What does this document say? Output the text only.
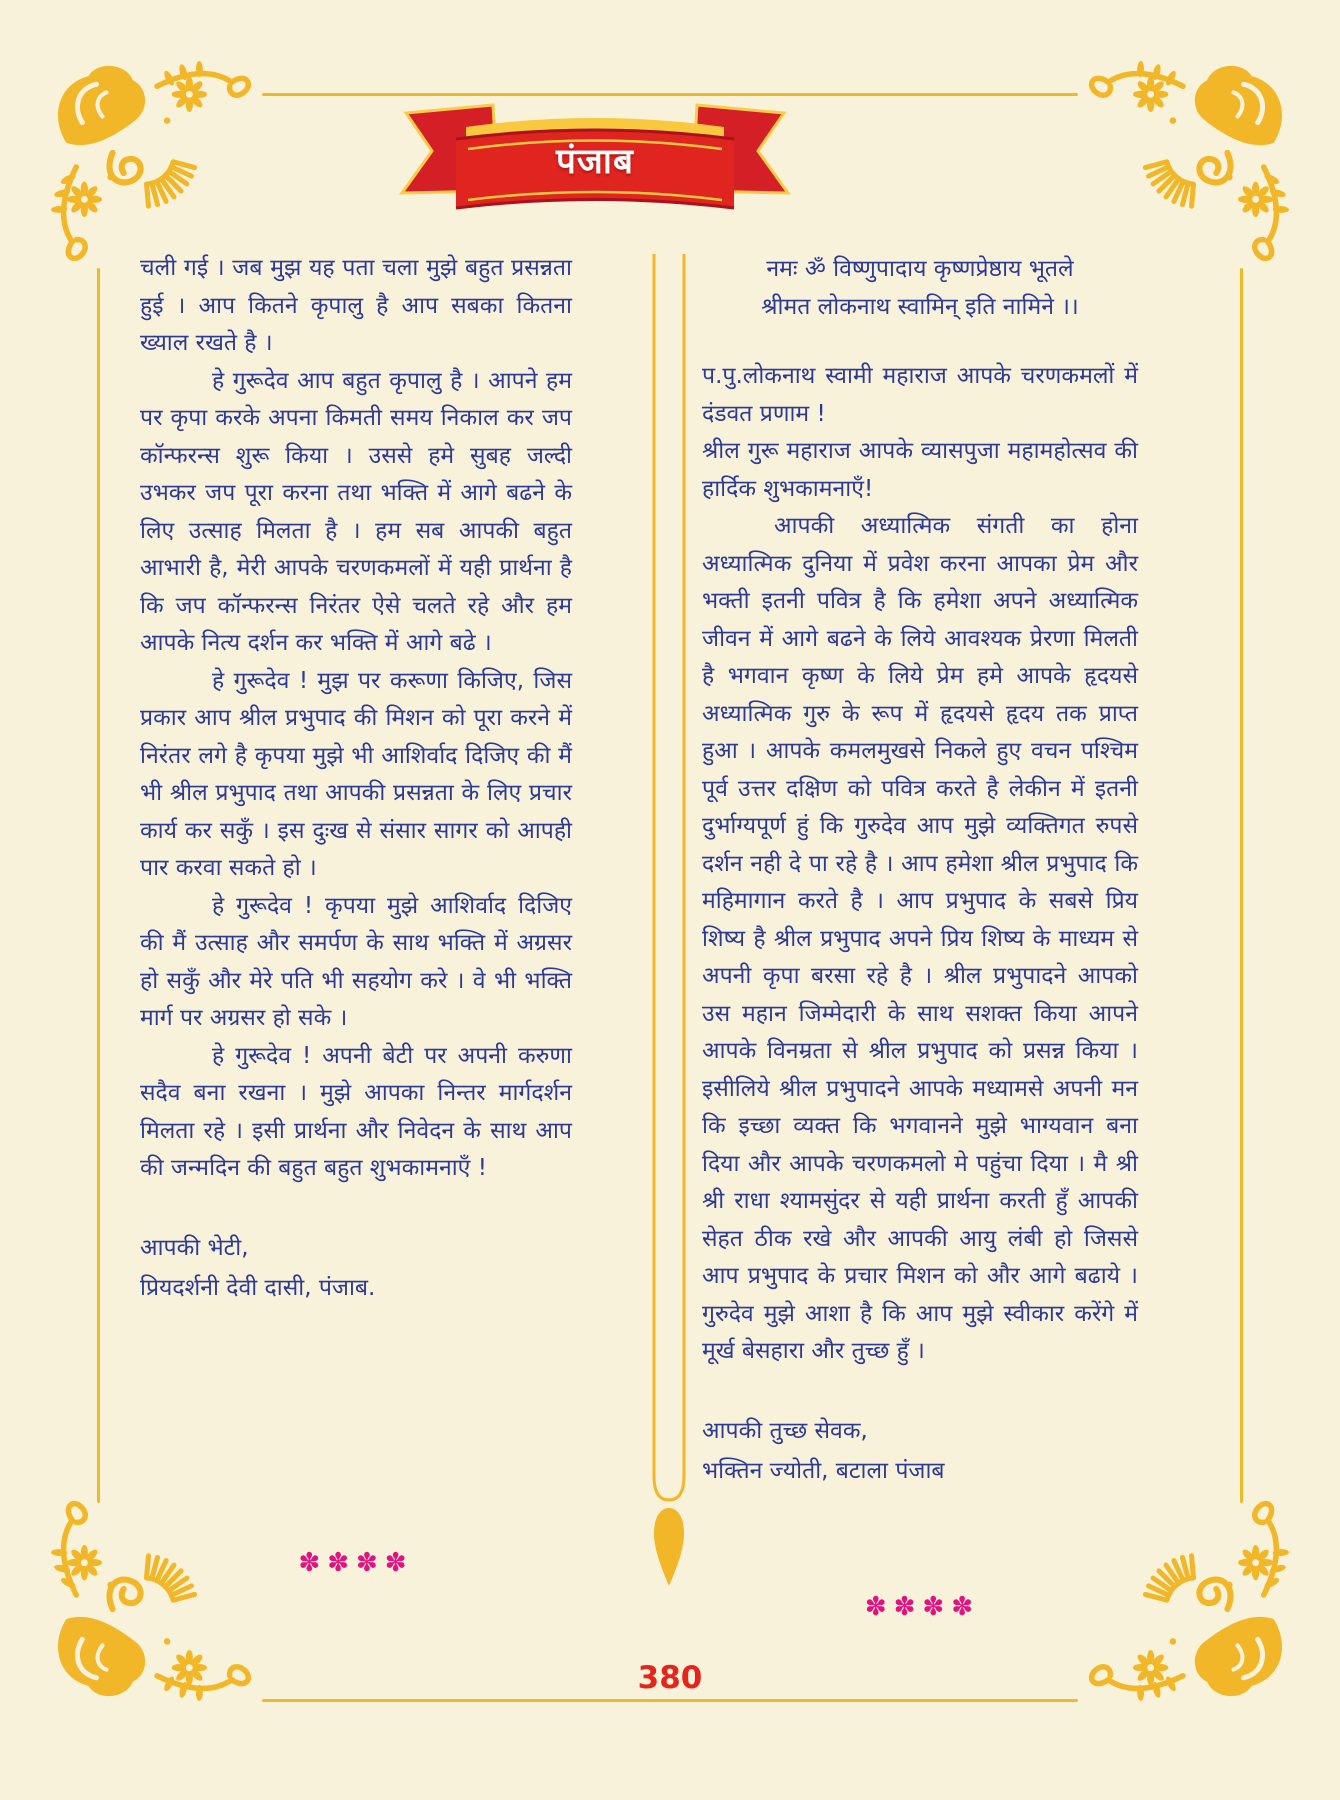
पंजाब

चली गई । जब मुझ यह पता चला मुझे बहुत प्रसन्नता हुई । आप कितने कृपालु है आप सबका कितना ख्याल रखते है ।

हे गुरूदेव आप बहुत कृपालु है । आपने हम पर कृपा करके अपना किमती समय निकाल कर जप कॉन्फरन्स शुरू किया । उससे हमे सुबह जल्दी उभकर जप पूरा करना तथा भक्ति में आगे बढने के लिए उत्साह मिलता है । हम सब आपकी बहुत आभारी है, मेरी आपके चरणकमलों में यही प्रार्थना है कि जप कॉन्फरन्स निरंतर ऐसे चलते रहे और हम आपके नित्य दर्शन कर भक्ति में आगे बढे ।

हे गुरूदेव ! मुझ पर करूणा किजिए, जिस प्रकार आप श्रील प्रभुपाद की मिशन को पूरा करने में निरंतर लगे है कृपया मुझे भी आशिर्वाद दिजिए की मैं भी श्रील प्रभुपाद तथा आपकी प्रसन्नता के लिए प्रचार कार्य कर सकुँ । इस दुःख से संसार सागर को आपही पार करवा सकते हो ।

हे गुरूदेव ! कृपया मुझे आशिर्वाद दिजिए की मैं उत्साह और समर्पण के साथ भक्ति में अग्रसर हो सकुँ और मेरे पति भी सहयोग करे । वे भी भक्ति मार्ग पर अग्रसर हो सके ।

हे गुरूदेव ! अपनी बेटी पर अपनी करुणा सदैव बना रखना । मुझे आपका निन्तर मार्गदर्शन मिलता रहे । इसी प्रार्थना और निवेदन के साथ आप की जन्मदिन की बहुत बहुत शुभकामनाएँ !

आपकी भेटी,

प्रियदर्शनी देवी दासी, पंजाब.

नमः ॐ विष्णुपादाय कृष्णप्रेष्ठाय भूतले

श्रीमत लोकनाथ स्वामिन् इति नामिने ।।

प.पु.लोकनाथ स्वामी महाराज आपके चरणकमलों में दंडवत प्रणाम !

श्रील गुरू महाराज आपके व्यासपुजा महामहोत्सव की हार्दिक शुभकामनाएँ!

आपकी अध्यात्मिक संगती का होना अध्यात्मिक दुनिया में प्रवेश करना आपका प्रेम और भक्ती इतनी पवित्र है कि हमेशा अपने अध्यात्मिक जीवन में आगे बढने के लिये आवश्यक प्रेरणा मिलती है भगवान कृष्ण के लिये प्रेम हमे आपके हृदयसे अध्यात्मिक गुरु के रूप में हृदयसे हृदय तक प्राप्त हुआ । आपके कमलमुखसे निकले हुए वचन पश्चिम पूर्व उत्तर दक्षिण को पवित्र करते है लेकीन में इतनी दुर्भाग्यपूर्ण हुं कि गुरुदेव आप मुझे व्यक्तिगत रुपसे दर्शन नही दे पा रहे है । आप हमेशा श्रील प्रभुपाद कि महिमागान करते है । आप प्रभुपाद के सबसे प्रिय शिष्य है श्रील प्रभुपाद अपने प्रिय शिष्य के माध्यम से अपनी कृपा बरसा रहे है । श्रील प्रभुपादने आपको उस महान जिम्मेदारी के साथ सशक्त किया आपने आपके विनम्रता से श्रील प्रभुपाद को प्रसन्न किया । इसीलिये श्रील प्रभुपादने आपके मध्यामसे अपनी मन कि इच्छा व्यक्त कि भगवानने मुझे भाग्यवान बना दिया और आपके चरणकमलो मे पहुंचा दिया । मै श्री श्री राधा श्यामसुंदर से यही प्रार्थना करती हुँ आपकी सेहत ठीक रखे और आपकी आयु लंबी हो जिससे आप प्रभुपाद के प्रचार मिशन को और आगे बढाये । गुरुदेव मुझे आशा है कि आप मुझे स्वीकार करेंगे में मूर्ख बेसहारा और तुच्छ हुँ ।

आपकी तुच्छ सेवक,

भक्तिन ज्योती, बटाला पंजाब

✽✽✽✽
✽✽✽✽
380
